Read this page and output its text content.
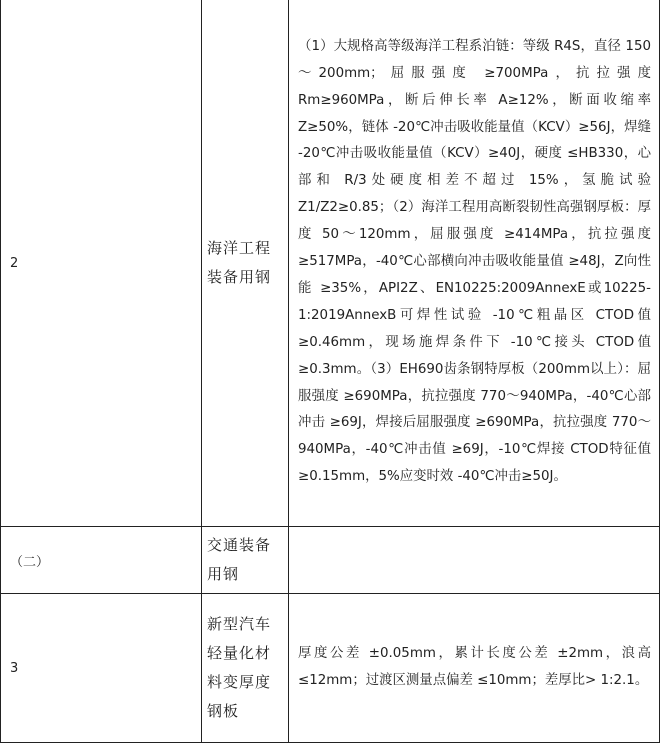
2	海洋工程装备用钢	（1）大规格高等级海洋工程系泊链：等级 R4S，直径 150～200mm；屈服强度 ≥700MPa，抗拉强度 Rm≥960MPa，断后伸长率 A≥12%，断面收缩率 Z≥50%，链体 -20℃冲击吸收能量值（KCV）≥56J，焊缝 -20℃冲击吸收能量值（KCV）≥40J，硬度 ≤HB330，心部和 R/3处硬度相差不超过 15%，氢脆试验 Z1/Z2≥0.85；（2）海洋工程用高断裂韧性高强钢厚板：厚度 50～120mm，屈服强度 ≥414MPa，抗拉强度 ≥517MPa，-40℃心部横向冲击吸收能量值 ≥48J，Z向性能 ≥35%，API2Z、EN10225:2009AnnexE或10225-1:2019AnnexB可焊性试验 -10℃粗晶区 CTOD值≥0.46mm，现场施焊条件下 -10℃接头 CTOD值≥0.3mm。（3）EH690齿条钢特厚板（200mm以上）：屈服强度 ≥690MPa，抗拉强度 770～940MPa，-40℃心部冲击 ≥69J，焊接后屈服强度 ≥690MPa，抗拉强度 770～940MPa，-40℃冲击值 ≥69J，-10℃焊接 CTOD特征值 ≥0.15mm，5%应变时效 -40℃冲击≥50J。
（二）	交通装备用钢	

3	新型汽车轻量化材料变厚度钢板	厚度公差 ±0.05mm，累计长度公差 ±2mm，浪高 ≤12mm；过渡区测量点偏差 ≤10mm；差厚比> 1:2.1。
